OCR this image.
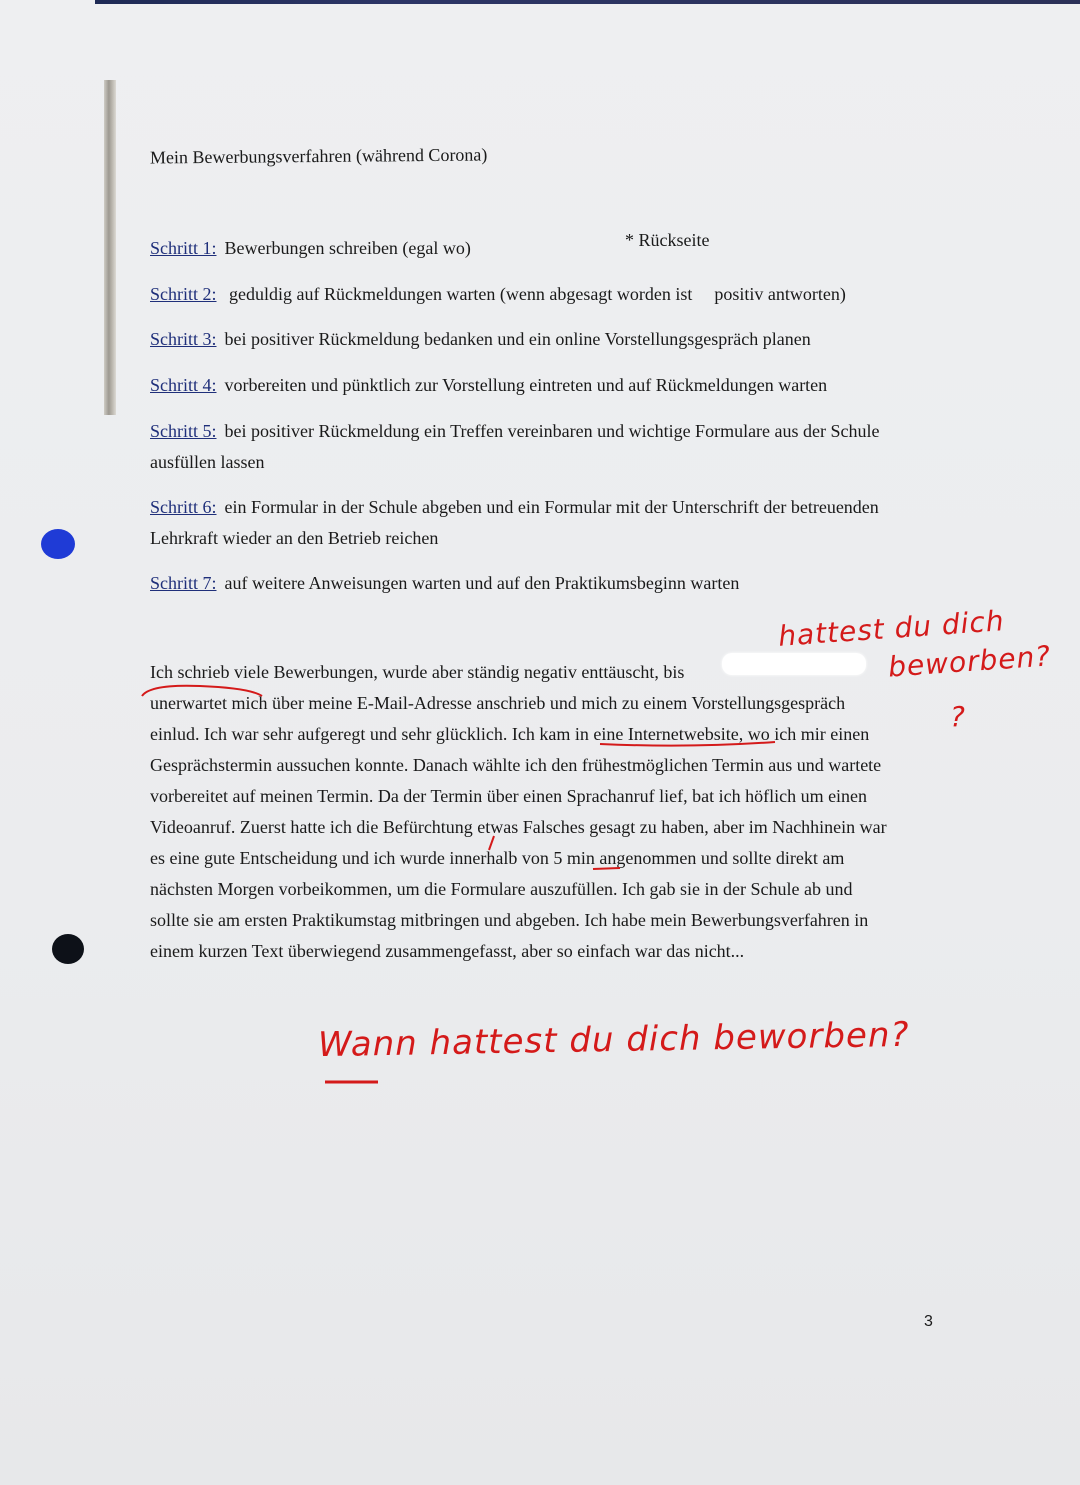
Mein Bewerbungsverfahren (während Corona)
* Rückseite
Schritt 1: Bewerbungen schreiben (egal wo)
Schritt 2: geduldig auf Rückmeldungen warten (wenn abgesagt worden ist positiv antworten)
Schritt 3: bei positiver Rückmeldung bedanken und ein online Vorstellungsgespräch planen
Schritt 4: vorbereiten und pünktlich zur Vorstellung eintreten und auf Rückmeldungen warten
Schritt 5: bei positiver Rückmeldung ein Treffen vereinbaren und wichtige Formulare aus der Schule
ausfüllen lassen
Schritt 6: ein Formular in der Schule abgeben und ein Formular mit der Unterschrift der betreuenden
Lehrkraft wieder an den Betrieb reichen
Schritt 7: auf weitere Anweisungen warten und auf den Praktikumsbeginn warten
Ich schrieb viele Bewerbungen, wurde aber ständig negativ enttäuscht, bis
unerwartet mich über meine E-Mail-Adresse anschrieb und mich zu einem Vorstellungsgespräch
einlud. Ich war sehr aufgeregt und sehr glücklich. Ich kam in eine Internetwebsite, wo ich mir einen
Gesprächstermin aussuchen konnte. Danach wählte ich den frühestmöglichen Termin aus und wartete
vorbereitet auf meinen Termin. Da der Termin über einen Sprachanruf lief, bat ich höflich um einen
Videoanruf. Zuerst hatte ich die Befürchtung etwas Falsches gesagt zu haben, aber im Nachhinein war
es eine gute Entscheidung und ich wurde innerhalb von 5 min angenommen und sollte direkt am
nächsten Morgen vorbeikommen, um die Formulare auszufüllen. Ich gab sie in der Schule ab und
sollte sie am ersten Praktikumstag mitbringen und abgeben. Ich habe mein Bewerbungsverfahren in
einem kurzen Text überwiegend zusammengefasst, aber so einfach war das nicht...
hattest du dich
beworben?
?
Wann hattest du dich beworben?
3
